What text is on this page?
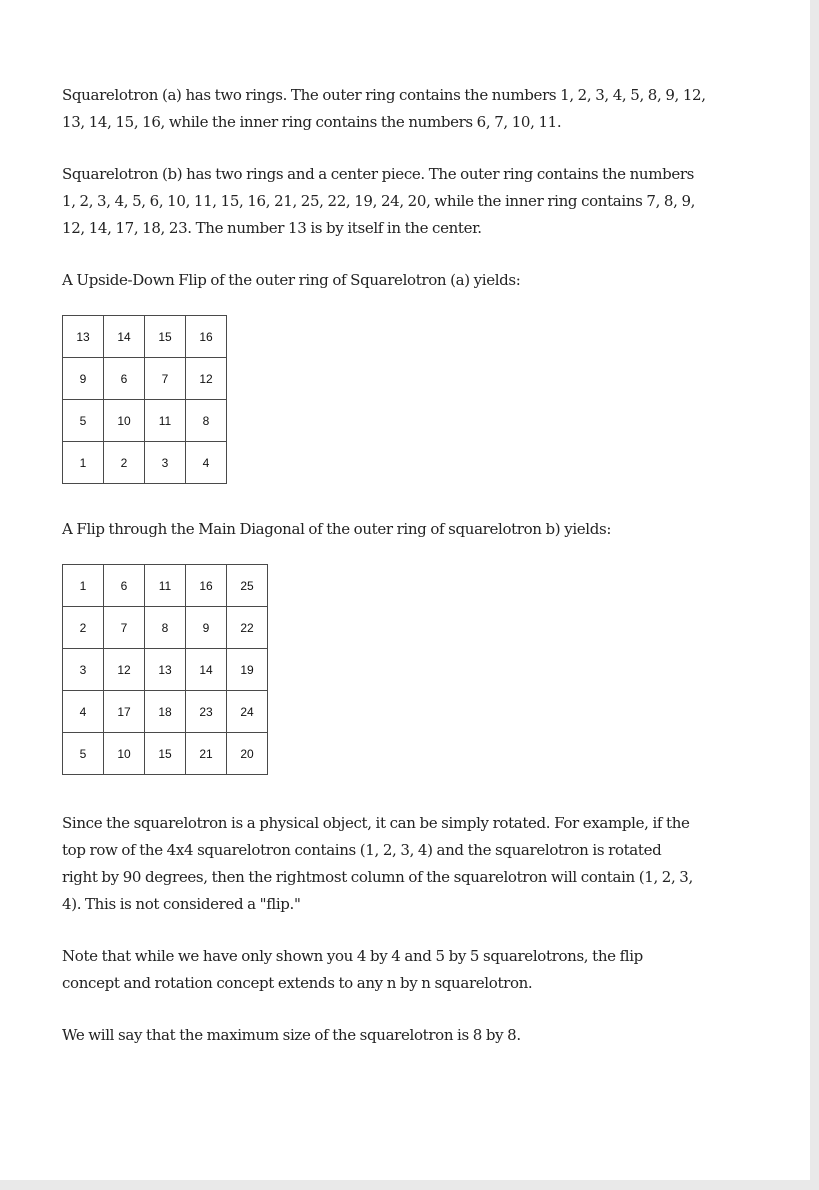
Squarelotron (a) has two rings. The outer ring contains the numbers 1, 2, 3, 4, 5, 8, 9, 12,
13, 14, 15, 16, while the inner ring contains the numbers 6, 7, 10, 11.

Squarelotron (b) has two rings and a center piece. The outer ring contains the numbers
1, 2, 3, 4, 5, 6, 10, 11, 15, 16, 21, 25, 22, 19, 24, 20, while the inner ring contains 7, 8, 9,
12, 14, 17, 18, 23. The number 13 is by itself in the center.

A Upside-Down Flip of the outer ring of Squarelotron (a) yields:

13	14	15	16
9	6	7	12
5	10	11	8
1	2	3	4

A Flip through the Main Diagonal of the outer ring of squarelotron b) yields:

1	6	11	16	25
2	7	8	9	22
3	12	13	14	19
4	17	18	23	24
5	10	15	21	20

Since the squarelotron is a physical object, it can be simply rotated. For example, if the
top row of the 4x4 squarelotron contains (1, 2, 3, 4) and the squarelotron is rotated
right by 90 degrees, then the rightmost column of the squarelotron will contain (1, 2, 3,
4). This is not considered a "flip."

Note that while we have only shown you 4 by 4 and 5 by 5 squarelotrons, the flip
concept and rotation concept extends to any n by n squarelotron.

We will say that the maximum size of the squarelotron is 8 by 8.
